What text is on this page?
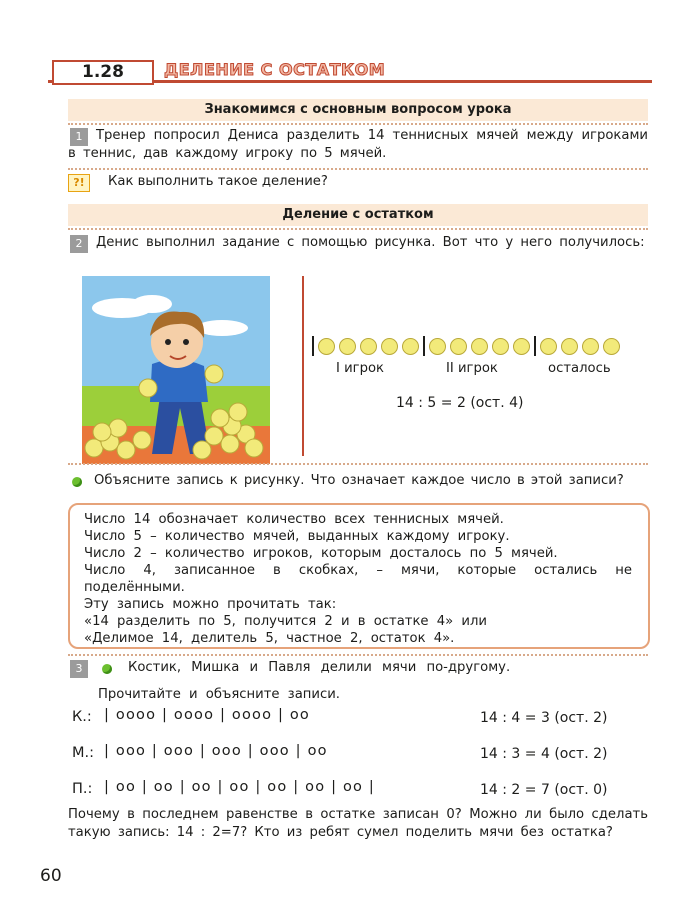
1.28	ДЕЛЕНИЕ С ОСТАТКОМ
Знакомимся с основным вопросом урока
1	Тренер попросил Дениса разделить 14 теннисных мячей между игроками в теннис, дав каждому игроку по 5 мячей.
?!	Как выполнить такое деление?
Деление с остатком
2	Денис выполнил задание с помощью рисунка. Вот что у него получилось:
I игрок	II игрок	осталось
14 : 5 = 2 (ост. 4)
Объясните запись к рисунку. Что означает каждое число в этой записи?

Число 14 обозначает количество всех теннисных мячей.

Число 5 – количество мячей, выданных каждому игроку.

Число 2 – количество игроков, которым досталось по 5 мячей.

Число 4, записанное в скобках, – мячи, которые остались не поделёнными.

Эту запись можно прочитать так:

«14 разделить по 5, получится 2 и в остатке 4» или

«Делимое 14, делитель 5, частное 2, остаток 4».

3	Костик, Мишка и Павля делили мячи по-другому.
Прочитайте и объясните записи.
К.: | оооо | оооо | оооо | оо	14 : 4 = 3 (ост. 2)
М.: | ооо | ооо | ооо | ооо | оо	14 : 3 = 4 (ост. 2)
П.: | оо | оо | оо | оо | оо | оо | оо |	14 : 2 = 7 (ост. 0)
Почему в последнем равенстве в остатке записан 0? Можно ли было сделать такую запись: 14 : 2=7? Кто из ребят сумел поделить мячи без остатка?
60
